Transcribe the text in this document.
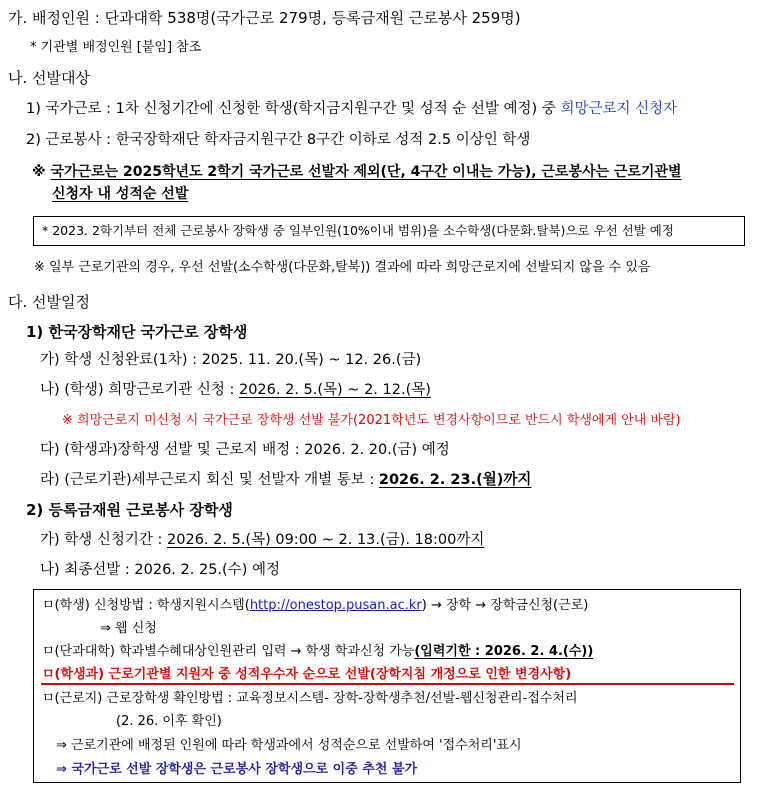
가. 배정인원 : 단과대학 538명(국가근로 279명, 등록금재원 근로봉사 259명)
* 기관별 배정인원 [붙임] 참조
나. 선발대상
1) 국가근로 : 1차 신청기간에 신청한 학생(학지금지원구간 및 성적 순 선발 예정) 중 희망근로지 신청자
2) 근로봉사 : 한국장학재단 학자금지원구간 8구간 이하로 성적 2.5 이상인 학생
※ 국가근로는 2025학년도 2학기 국가근로 선발자 제외(단, 4구간 이내는 가능), 근로봉사는 근로기관별
신청자 내 성적순 선발
* 2023. 2학기부터 전체 근로봉사 장학생 중 일부인원(10%이내 범위)을 소수학생(다문화.탈북)으로 우선 선발 예정
※ 일부 근로기관의 경우, 우선 선발(소수학생(다문화,탈북)) 결과에 따라 희망근로지에 선발되지 않을 수 있음
다. 선발일정
1) 한국장학재단 국가근로 장학생
가) 학생 신청완료(1차) : 2025. 11. 20.(목) ~ 12. 26.(금)
나) (학생) 희망근로기관 신청 : 2026. 2. 5.(목) ~ 2. 12.(목)
※ 희망근로지 미신청 시 국가근로 장학생 선발 불가(2021학년도 변경사항이므로 반드시 학생에게 안내 바람)
다) (학생과)장학생 선발 및 근로지 배정 : 2026. 2. 20.(금) 예정
라) (근로기관)세부근로지 회신 및 선발자 개별 통보 : 2026. 2. 23.(월)까지
2) 등록금재원 근로봉사 장학생
가) 학생 신청기간 : 2026. 2. 5.(목) 09:00 ~ 2. 13.(금). 18:00까지
나) 최종선발 : 2026. 2. 25.(수) 예정
ㅁ(학생) 신청방법 : 학생지원시스템(http://onestop.pusan.ac.kr) → 장학 → 장학금신청(근로)
⇒ 웹 신청
ㅁ(단과대학) 학과별수혜대상인원관리 입력 → 학생 학과신청 가능(입력기한 : 2026. 2. 4.(수))
ㅁ(학생과) 근로기관별 지원자 중 성적우수자 순으로 선발(장학지침 개정으로 인한 변경사항)
ㅁ(근로지) 근로장학생 확인방법 : 교육정보시스템- 장학-장학생추천/선발-웹신청관리-접수처리
(2. 26. 이후 확인)
⇒ 근로기관에 배정된 인원에 따라 학생과에서 성적순으로 선발하여 '접수처리'표시
⇒ 국가근로 선발 장학생은 근로봉사 장학생으로 이중 추천 불가
